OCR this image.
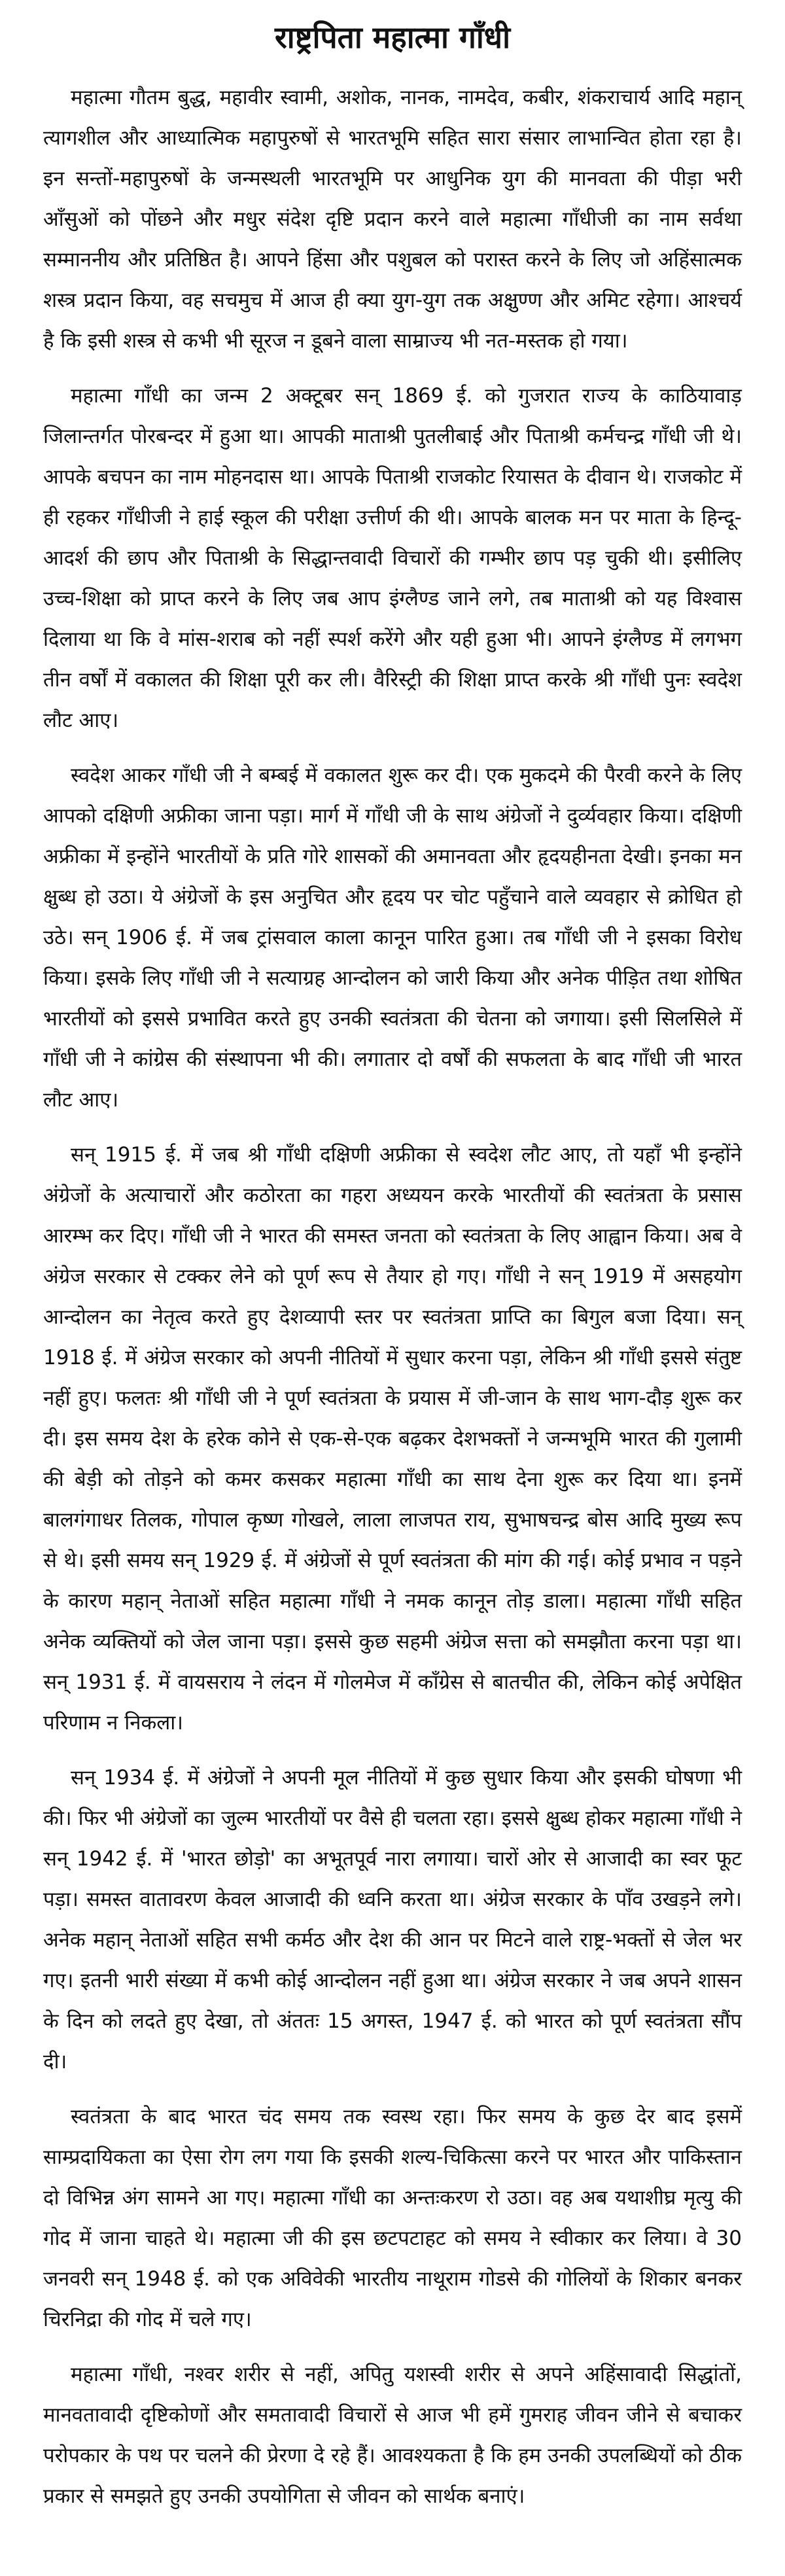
राष्ट्रपिता महात्मा गाँधी

महात्मा गौतम बुद्ध, महावीर स्वामी, अशोक, नानक, नामदेव, कबीर, शंकराचार्य आदि महान् त्यागशील और आध्यात्मिक महापुरुषों से भारतभूमि सहित सारा संसार लाभान्वित होता रहा है। इन सन्तों-महापुरुषों के जन्मस्थली भारतभूमि पर आधुनिक युग की मानवता की पीड़ा भरी आँसुओं को पोंछने और मधुर संदेश दृष्टि प्रदान करने वाले महात्मा गाँधीजी का नाम सर्वथा सम्माननीय और प्रतिष्ठित है। आपने हिंसा और पशुबल को परास्त करने के लिए जो अहिंसात्मक शस्त्र प्रदान किया, वह सचमुच में आज ही क्या युग-युग तक अक्षुण्ण और अमिट रहेगा। आश्चर्य है कि इसी शस्त्र से कभी भी सूरज न डूबने वाला साम्राज्य भी नत-मस्तक हो गया।

महात्मा गाँधी का जन्म 2 अक्टूबर सन् 1869 ई. को गुजरात राज्य के काठियावाड़ जिलान्तर्गत पोरबन्दर में हुआ था। आपकी माताश्री पुतलीबाई और पिताश्री कर्मचन्द्र गाँधी जी थे। आपके बचपन का नाम मोहनदास था। आपके पिताश्री राजकोट रियासत के दीवान थे। राजकोट में ही रहकर गाँधीजी ने हाई स्कूल की परीक्षा उत्तीर्ण की थी। आपके बालक मन पर माता के हिन्दू-आदर्श की छाप और पिताश्री के सिद्धान्तवादी विचारों की गम्भीर छाप पड़ चुकी थी। इसीलिए उच्च-शिक्षा को प्राप्त करने के लिए जब आप इंग्लैण्ड जाने लगे, तब माताश्री को यह विश्वास दिलाया था कि वे मांस-शराब को नहीं स्पर्श करेंगे और यही हुआ भी। आपने इंग्लैण्ड में लगभग तीन वर्षों में वकालत की शिक्षा पूरी कर ली। वैरिस्ट्री की शिक्षा प्राप्त करके श्री गाँधी पुनः स्वदेश लौट आए।

स्वदेश आकर गाँधी जी ने बम्बई में वकालत शुरू कर दी। एक मुकदमे की पैरवी करने के लिए आपको दक्षिणी अफ्रीका जाना पड़ा। मार्ग में गाँधी जी के साथ अंग्रेजों ने दुर्व्यवहार किया। दक्षिणी अफ्रीका में इन्होंने भारतीयों के प्रति गोरे शासकों की अमानवता और हृदयहीनता देखी। इनका मन क्षुब्ध हो उठा। ये अंग्रेजों के इस अनुचित और हृदय पर चोट पहुँचाने वाले व्यवहार से क्रोधित हो उठे। सन् 1906 ई. में जब ट्रांसवाल काला कानून पारित हुआ। तब गाँधी जी ने इसका विरोध किया। इसके लिए गाँधी जी ने सत्याग्रह आन्दोलन को जारी किया और अनेक पीड़ित तथा शोषित भारतीयों को इससे प्रभावित करते हुए उनकी स्वतंत्रता की चेतना को जगाया। इसी सिलसिले में गाँधी जी ने कांग्रेस की संस्थापना भी की। लगातार दो वर्षों की सफलता के बाद गाँधी जी भारत लौट आए।

सन् 1915 ई. में जब श्री गाँधी दक्षिणी अफ्रीका से स्वदेश लौट आए, तो यहाँ भी इन्होंने अंग्रेजों के अत्याचारों और कठोरता का गहरा अध्ययन करके भारतीयों की स्वतंत्रता के प्रसास आरम्भ कर दिए। गाँधी जी ने भारत की समस्त जनता को स्वतंत्रता के लिए आह्वान किया। अब वे अंग्रेज सरकार से टक्कर लेने को पूर्ण रूप से तैयार हो गए। गाँधी ने सन् 1919 में असहयोग आन्दोलन का नेतृत्व करते हुए देशव्यापी स्तर पर स्वतंत्रता प्राप्ति का बिगुल बजा दिया। सन् 1918 ई. में अंग्रेज सरकार को अपनी नीतियों में सुधार करना पड़ा, लेकिन श्री गाँधी इससे संतुष्ट नहीं हुए। फलतः श्री गाँधी जी ने पूर्ण स्वतंत्रता के प्रयास में जी-जान के साथ भाग-दौड़ शुरू कर दी। इस समय देश के हरेक कोने से एक-से-एक बढ़कर देशभक्तों ने जन्मभूमि भारत की गुलामी की बेड़ी को तोड़ने को कमर कसकर महात्मा गाँधी का साथ देना शुरू कर दिया था। इनमें बालगंगाधर तिलक, गोपाल कृष्ण गोखले, लाला लाजपत राय, सुभाषचन्द्र बोस आदि मुख्य रूप से थे। इसी समय सन् 1929 ई. में अंग्रेजों से पूर्ण स्वतंत्रता की मांग की गई। कोई प्रभाव न पड़ने के कारण महान् नेताओं सहित महात्मा गाँधी ने नमक कानून तोड़ डाला। महात्मा गाँधी सहित अनेक व्यक्तियों को जेल जाना पड़ा। इससे कुछ सहमी अंग्रेज सत्ता को समझौता करना पड़ा था। सन् 1931 ई. में वायसराय ने लंदन में गोलमेज में कॉंग्रेस से बातचीत की, लेकिन कोई अपेक्षित परिणाम न निकला।

सन् 1934 ई. में अंग्रेजों ने अपनी मूल नीतियों में कुछ सुधार किया और इसकी घोषणा भी की। फिर भी अंग्रेजों का जुल्म भारतीयों पर वैसे ही चलता रहा। इससे क्षुब्ध होकर महात्मा गाँधी ने सन् 1942 ई. में 'भारत छोड़ो' का अभूतपूर्व नारा लगाया। चारों ओर से आजादी का स्वर फूट पड़ा। समस्त वातावरण केवल आजादी की ध्वनि करता था। अंग्रेज सरकार के पाँव उखड़ने लगे। अनेक महान् नेताओं सहित सभी कर्मठ और देश की आन पर मिटने वाले राष्ट्र-भक्तों से जेल भर गए। इतनी भारी संख्या में कभी कोई आन्दोलन नहीं हुआ था। अंग्रेज सरकार ने जब अपने शासन के दिन को लदते हुए देखा, तो अंततः 15 अगस्त, 1947 ई. को भारत को पूर्ण स्वतंत्रता सौंप दी।

स्वतंत्रता के बाद भारत चंद समय तक स्वस्थ रहा। फिर समय के कुछ देर बाद इसमें साम्प्रदायिकता का ऐसा रोग लग गया कि इसकी शल्य-चिकित्सा करने पर भारत और पाकिस्तान दो विभिन्न अंग सामने आ गए। महात्मा गाँधी का अन्तःकरण रो उठा। वह अब यथाशीघ्र मृत्यु की गोद में जाना चाहते थे। महात्मा जी की इस छटपटाहट को समय ने स्वीकार कर लिया। वे 30 जनवरी सन् 1948 ई. को एक अविवेकी भारतीय नाथूराम गोडसे की गोलियों के शिकार बनकर चिरनिद्रा की गोद में चले गए।

महात्मा गाँधी, नश्वर शरीर से नहीं, अपितु यशस्वी शरीर से अपने अहिंसावादी सिद्धांतों, मानवतावादी दृष्टिकोणों और समतावादी विचारों से आज भी हमें गुमराह जीवन जीने से बचाकर परोपकार के पथ पर चलने की प्रेरणा दे रहे हैं। आवश्यकता है कि हम उनकी उपलब्धियों को ठीक प्रकार से समझते हुए उनकी उपयोगिता से जीवन को सार्थक बनाएं।
